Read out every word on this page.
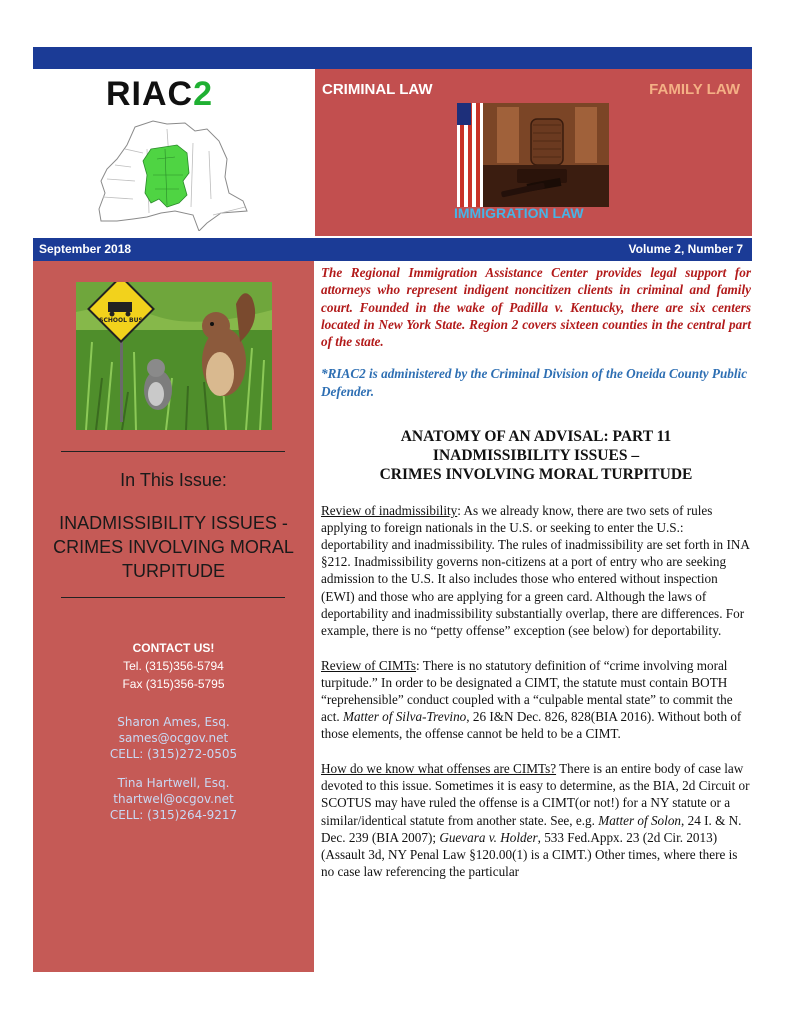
RIAC2	CRIMINAL LAW	FAMILY LAW
IMMIGRATION LAW
September 2018	Volume 2, Number 7
SCHOOL BUS
In This Issue:
INADMISSIBILITY ISSUES - CRIMES INVOLVING MORAL TURPITUDE
CONTACT US!
Tel. (315)356-5794
Fax (315)356-5795
Sharon Ames, Esq.
sames@ocgov.net
CELL: (315)272-0505
Tina Hartwell, Esq.
thartwel@ocgov.net
CELL: (315)264-9217

The Regional Immigration Assistance Center provides legal support for attorneys who represent indigent noncitizen clients in criminal and family court. Founded in the wake of Padilla v. Kentucky, there are six centers located in New York State. Region 2 covers sixteen counties in the central part of the state.

*RIAC2 is administered by the Criminal Division of the Oneida County Public Defender.

ANATOMY OF AN ADVISAL: PART 11
INADMISSIBILITY ISSUES –
CRIMES INVOLVING MORAL TURPITUDE

Review of inadmissibility: As we already know, there are two sets of rules applying to foreign nationals in the U.S. or seeking to enter the U.S.: deportability and inadmissibility. The rules of inadmissibility are set forth in INA §212. Inadmissibility governs non-citizens at a port of entry who are seeking admission to the U.S. It also includes those who entered without inspection (EWI) and those who are applying for a green card. Although the laws of deportability and inadmissibility substantially overlap, there are differences. For example, there is no “petty offense” exception (see below) for deportability.

Review of CIMTs: There is no statutory definition of “crime involving moral turpitude.” In order to be designated a CIMT, the statute must contain BOTH “reprehensible” conduct coupled with a “culpable mental state” to commit the act. Matter of Silva-Trevino, 26 I&N Dec. 826, 828(BIA 2016). Without both of those elements, the offense cannot be held to be a CIMT.

How do we know what offenses are CIMTs? There is an entire body of case law devoted to this issue. Sometimes it is easy to determine, as the BIA, 2d Circuit or SCOTUS may have ruled the offense is a CIMT(or not!) for a NY statute or a similar/identical statute from another state. See, e.g. Matter of Solon, 24 I. & N. Dec. 239 (BIA 2007); Guevara v. Holder, 533 Fed.Appx. 23 (2d Cir. 2013) (Assault 3d, NY Penal Law §120.00(1) is a CIMT.) Other times, where there is no case law referencing the particular
